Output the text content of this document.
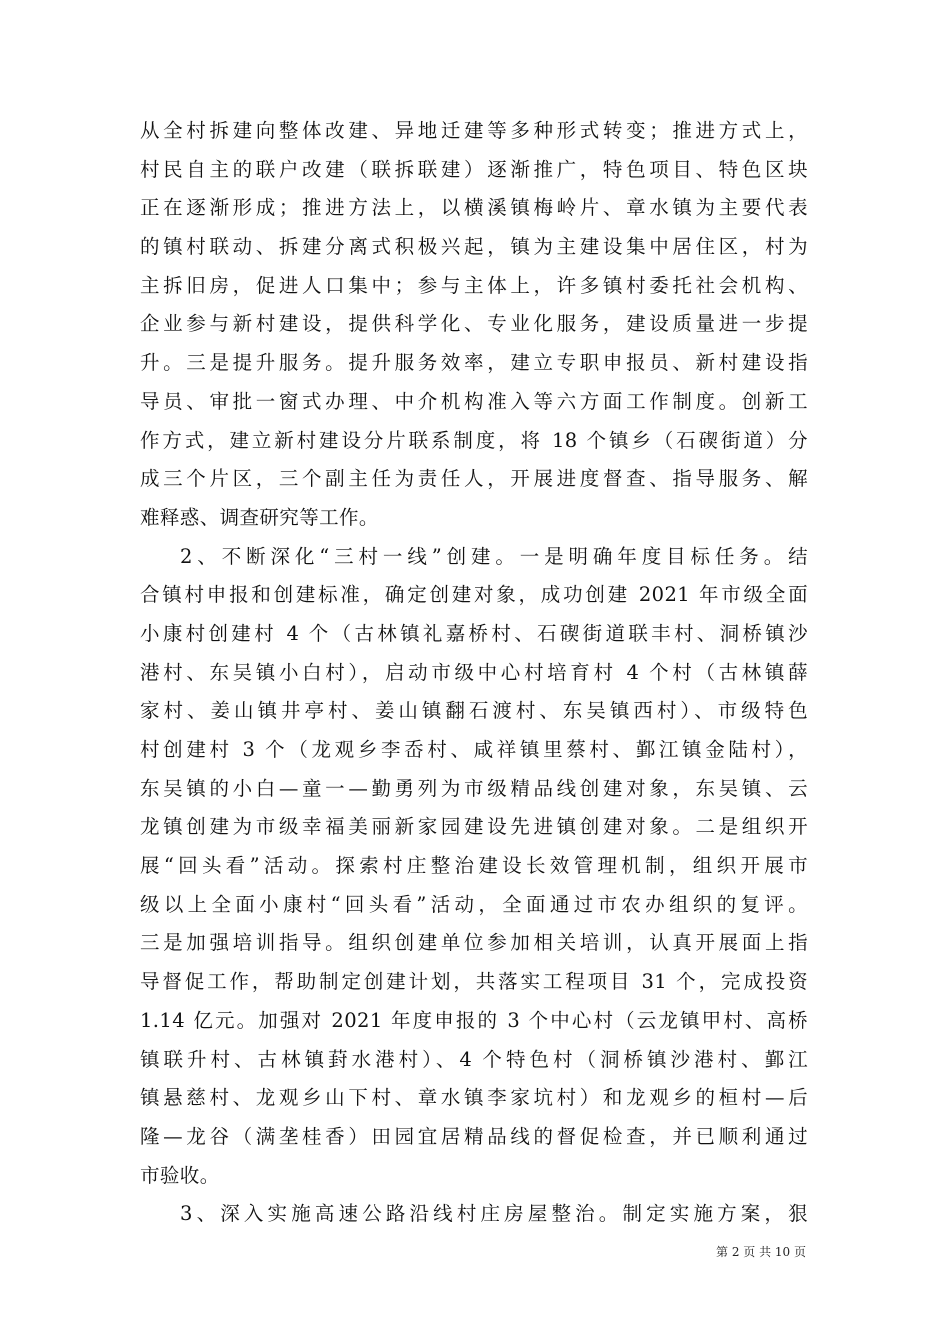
从全村拆建向整体改建、异地迁建等多种形式转变；推进方式上，
村民自主的联户改建（联拆联建）逐渐推广，特色项目、特色区块
正在逐渐形成；推进方法上，以横溪镇梅岭片、章水镇为主要代表
的镇村联动、拆建分离式积极兴起，镇为主建设集中居住区，村为
主拆旧房，促进人口集中；参与主体上，许多镇村委托社会机构、
企业参与新村建设，提供科学化、专业化服务，建设质量进一步提
升。三是提升服务。提升服务效率，建立专职申报员、新村建设指
导员、审批一窗式办理、中介机构准入等六方面工作制度。创新工
作方式，建立新村建设分片联系制度，将 18 个镇乡（石碶街道）分
成三个片区，三个副主任为责任人，开展进度督查、指导服务、解
难释惑、调查研究等工作。
2、不断深化“三村一线”创建。一是明确年度目标任务。结
合镇村申报和创建标准，确定创建对象，成功创建 2021 年市级全面
小康村创建村 4 个（古林镇礼嘉桥村、石碶街道联丰村、洞桥镇沙
港村、东吴镇小白村），启动市级中心村培育村 4 个村（古林镇薛
家村、姜山镇井亭村、姜山镇翻石渡村、东吴镇西村）、市级特色
村创建村 3 个（龙观乡李岙村、咸祥镇里蔡村、鄞江镇金陆村），
东吴镇的小白—童一—勤勇列为市级精品线创建对象，东吴镇、云
龙镇创建为市级幸福美丽新家园建设先进镇创建对象。二是组织开
展“回头看”活动。探索村庄整治建设长效管理机制，组织开展市
级以上全面小康村“回头看”活动，全面通过市农办组织的复评。
三是加强培训指导。组织创建单位参加相关培训，认真开展面上指
导督促工作，帮助制定创建计划，共落实工程项目 31 个，完成投资
1.14 亿元。加强对 2021 年度申报的 3 个中心村（云龙镇甲村、高桥
镇联升村、古林镇葑水港村）、4 个特色村（洞桥镇沙港村、鄞江
镇悬慈村、龙观乡山下村、章水镇李家坑村）和龙观乡的桓村—后
隆—龙谷（满垄桂香）田园宜居精品线的督促检查，并已顺利通过
市验收。
3、深入实施高速公路沿线村庄房屋整治。制定实施方案，狠
第 2 页 共 10 页
